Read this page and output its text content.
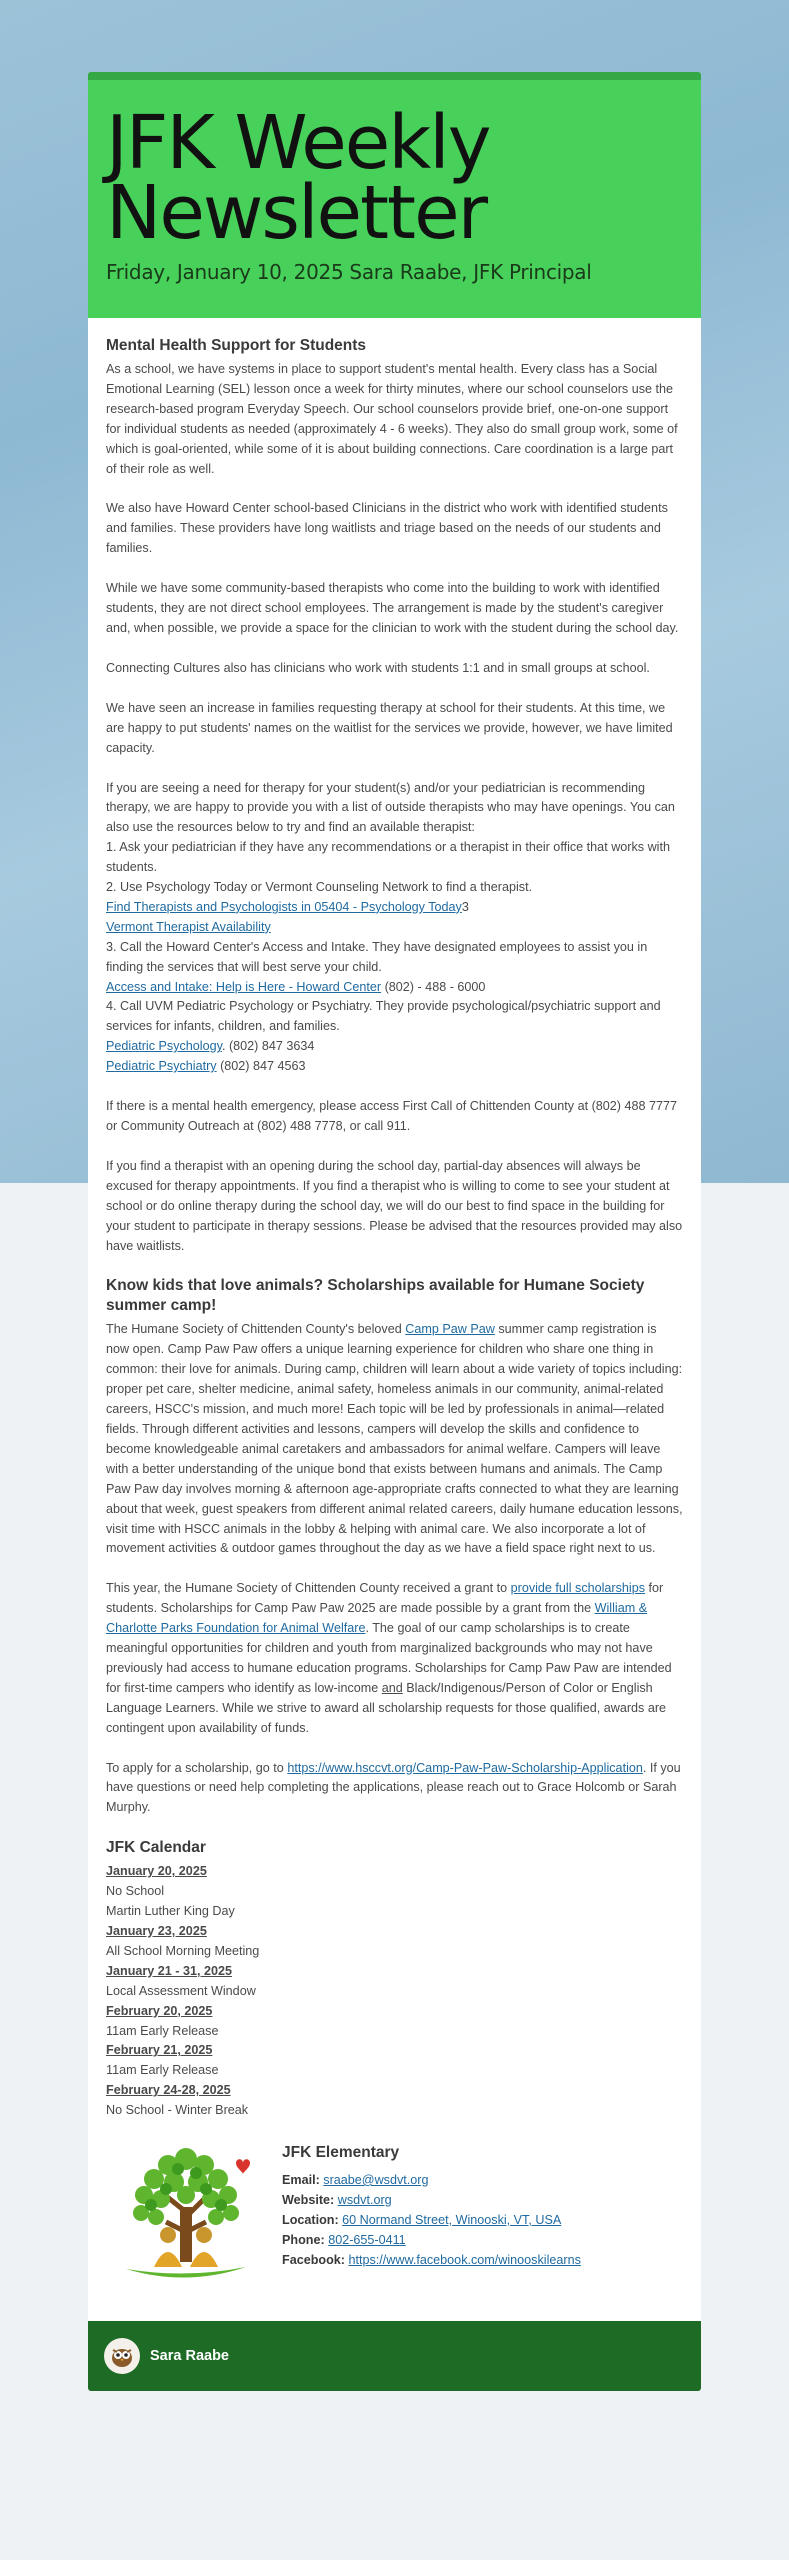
JFK Weekly Newsletter
Friday, January 10, 2025 Sara Raabe, JFK Principal
Mental Health Support for Students

As a school, we have systems in place to support student's mental health. Every class has a Social Emotional Learning (SEL) lesson once a week for thirty minutes, where our school counselors use the research-based program Everyday Speech. Our school counselors provide brief, one-on-one support for individual students as needed (approximately 4 - 6 weeks). They also do small group work, some of which is goal-oriented, while some of it is about building connections. Care coordination is a large part of their role as well.

We also have Howard Center school-based Clinicians in the district who work with identified students and families. These providers have long waitlists and triage based on the needs of our students and families.

While we have some community-based therapists who come into the building to work with identified students, they are not direct school employees. The arrangement is made by the student's caregiver and, when possible, we provide a space for the clinician to work with the student during the school day.

Connecting Cultures also has clinicians who work with students 1:1 and in small groups at school.

We have seen an increase in families requesting therapy at school for their students. At this time, we are happy to put students' names on the waitlist for the services we provide, however, we have limited capacity.

If you are seeing a need for therapy for your student(s) and/or your pediatrician is recommending therapy, we are happy to provide you with a list of outside therapists who may have openings. You can also use the resources below to try and find an available therapist:
1. Ask your pediatrician if they have any recommendations or a therapist in their office that works with students.
2. Use Psychology Today or Vermont Counseling Network to find a therapist.
Find Therapists and Psychologists in 05404 - Psychology Today3
Vermont Therapist Availability
3. Call the Howard Center's Access and Intake. They have designated employees to assist you in finding the services that will best serve your child.
Access and Intake: Help is Here - Howard Center (802) - 488 - 6000
4. Call UVM Pediatric Psychology or Psychiatry. They provide psychological/psychiatric support and services for infants, children, and families.
Pediatric Psychology. (802) 847 3634
Pediatric Psychiatry (802) 847 4563

If there is a mental health emergency, please access First Call of Chittenden County at (802) 488 7777 or Community Outreach at (802) 488 7778, or call 911.

If you find a therapist with an opening during the school day, partial-day absences will always be excused for therapy appointments. If you find a therapist who is willing to come to see your student at school or do online therapy during the school day, we will do our best to find space in the building for your student to participate in therapy sessions. Please be advised that the resources provided may also have waitlists.

Know kids that love animals? Scholarships available for Humane Society summer camp!

The Humane Society of Chittenden County's beloved Camp Paw Paw summer camp registration is now open. Camp Paw Paw offers a unique learning experience for children who share one thing in common: their love for animals. During camp, children will learn about a wide variety of topics including: proper pet care, shelter medicine, animal safety, homeless animals in our community, animal-related careers, HSCC's mission, and much more! Each topic will be led by professionals in animal—related fields. Through different activities and lessons, campers will develop the skills and confidence to become knowledgeable animal caretakers and ambassadors for animal welfare. Campers will leave with a better understanding of the unique bond that exists between humans and animals. The Camp Paw Paw day involves morning & afternoon age-appropriate crafts connected to what they are learning about that week, guest speakers from different animal related careers, daily humane education lessons, visit time with HSCC animals in the lobby & helping with animal care. We also incorporate a lot of movement activities & outdoor games throughout the day as we have a field space right next to us.

This year, the Humane Society of Chittenden County received a grant to provide full scholarships for students. Scholarships for Camp Paw Paw 2025 are made possible by a grant from the William & Charlotte Parks Foundation for Animal Welfare. The goal of our camp scholarships is to create meaningful opportunities for children and youth from marginalized backgrounds who may not have previously had access to humane education programs. Scholarships for Camp Paw Paw are intended for first-time campers who identify as low-income and Black/Indigenous/Person of Color or English Language Learners. While we strive to award all scholarship requests for those qualified, awards are contingent upon availability of funds.

To apply for a scholarship, go to https://www.hsccvt.org/Camp-Paw-Paw-Scholarship-Application. If you have questions or need help completing the applications, please reach out to Grace Holcomb or Sarah Murphy.

JFK Calendar
January 20, 2025
No School
Martin Luther King Day
January 23, 2025
All School Morning Meeting
January 21 - 31, 2025
Local Assessment Window
February 20, 2025
11am Early Release
February 21, 2025
11am Early Release
February 24-28, 2025
No School - Winter Break
JFK Elementary
Email: sraabe@wsdvt.org
Website: wsdvt.org
Location: 60 Normand Street, Winooski, VT, USA
Phone: 802-655-0411
Facebook: https://www.facebook.com/winooskilearns
Sara Raabe
